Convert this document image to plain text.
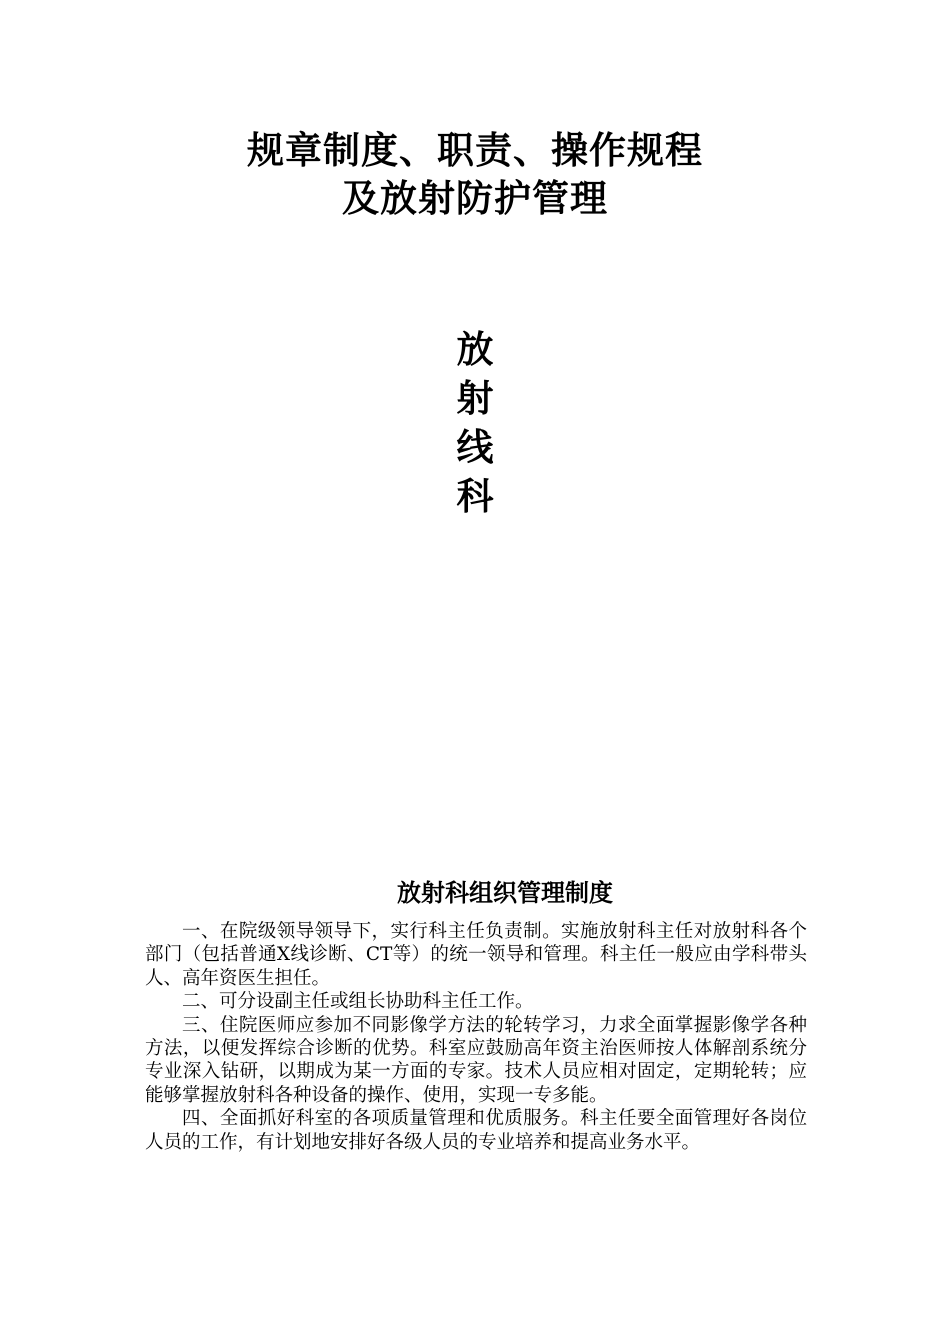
规章制度、职责、操作规程
及放射防护管理
放
射
线
科
放射科组织管理制度

一、在院级领导领导下，实行科主任负责制。实施放射科主任对放射科各个部门（包括普通X线诊断、CT等）的统一领导和管理。科主任一般应由学科带头人、高年资医生担任。

二、可分设副主任或组长协助科主任工作。

三、住院医师应参加不同影像学方法的轮转学习，力求全面掌握影像学各种方法，以便发挥综合诊断的优势。科室应鼓励高年资主治医师按人体解剖系统分专业深入钻研，以期成为某一方面的专家。技术人员应相对固定，定期轮转；应能够掌握放射科各种设备的操作、使用，实现一专多能。

四、全面抓好科室的各项质量管理和优质服务。科主任要全面管理好各岗位人员的工作，有计划地安排好各级人员的专业培养和提高业务水平。
